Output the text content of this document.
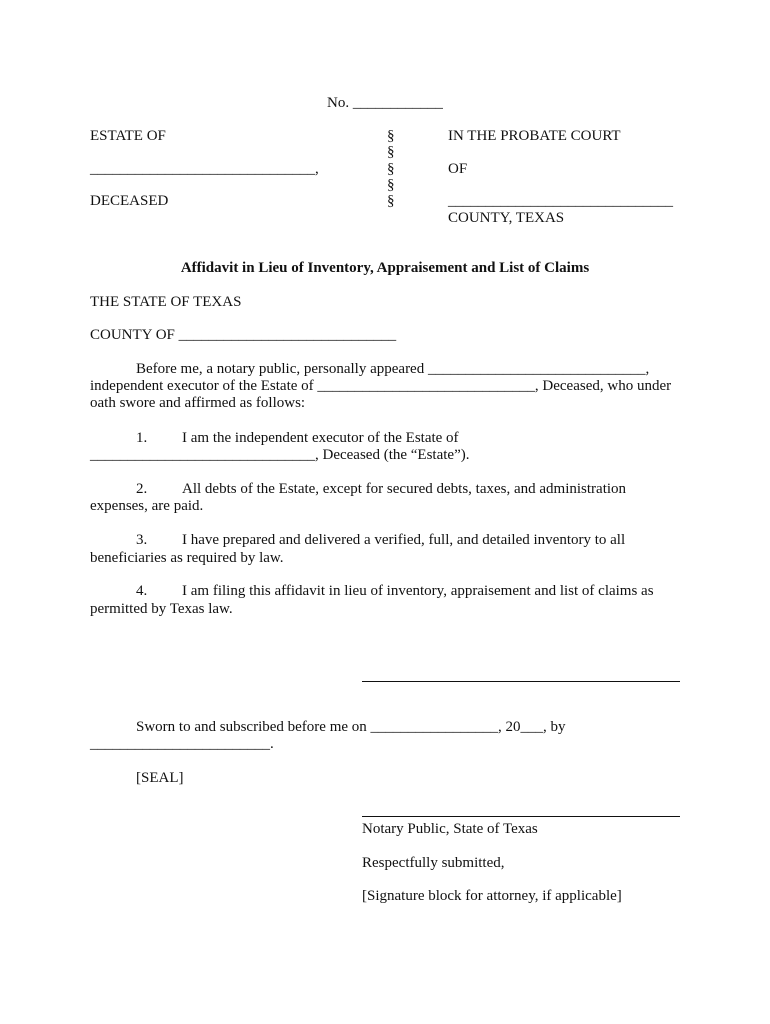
No. ____________
ESTATE OF
______________________________,
DECEASED
§
§
§
§
§
IN THE PROBATE COURT
OF
______________________________
COUNTY, TEXAS
Affidavit in Lieu of Inventory, Appraisement and List of Claims
THE STATE OF TEXAS
COUNTY OF _____________________________
Before me, a notary public, personally appeared _____________________________,
independent executor of the Estate of _____________________________, Deceased, who under
oath swore and affirmed as follows:
1. I am the independent executor of the Estate of
______________________________, Deceased (the “Estate”).
2. All debts of the Estate, except for secured debts, taxes, and administration
expenses, are paid.
3. I have prepared and delivered a verified, full, and detailed inventory to all
beneficiaries as required by law.
4. I am filing this affidavit in lieu of inventory, appraisement and list of claims as
permitted by Texas law.
Sworn to and subscribed before me on _________________, 20___, by
________________________.
[SEAL]
Notary Public, State of Texas
Respectfully submitted,
[Signature block for attorney, if applicable]
